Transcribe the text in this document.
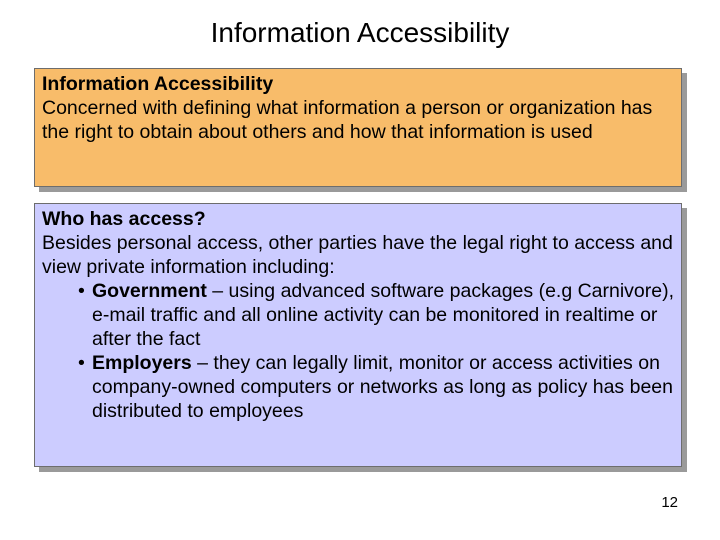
Information Accessibility
Information Accessibility
Concerned with defining what information a person or organization has the right to obtain about others and how that information is used
Who has access?
Besides personal access, other parties have the legal right to access and view private information including:
• Government – using advanced software packages (e.g Carnivore), e-mail traffic and all online activity can be monitored in realtime or after the fact
• Employers – they can legally limit, monitor or access activities on company-owned computers or networks as long as policy has been distributed to employees
12
